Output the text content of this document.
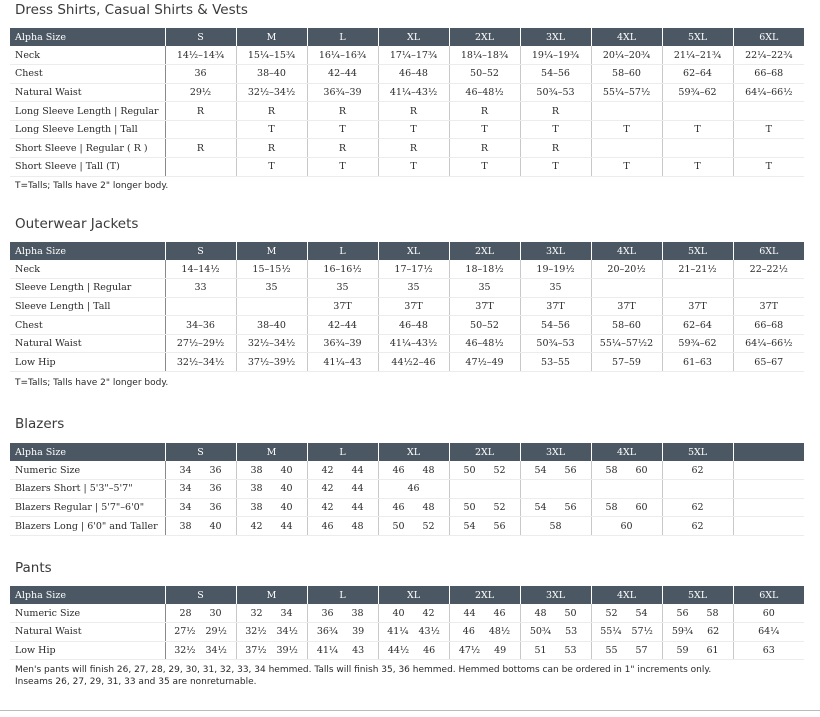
Dress Shirts, Casual Shirts & Vests
Alpha Size	S	M	L	XL	2XL	3XL	4XL	5XL	6XL
Neck	14½–14¾	15¼–15¾	16¼–16¾	17¼–17¾	18¼–18¾	19¼–19¾	20¼–20¾	21¼–21¾	22¼–22¾
Chest	36	38–40	42–44	46–48	50–52	54–56	58–60	62–64	66–68
Natural Waist	29½	32½–34½	36¾–39	41¼–43½	46–48½	50¾–53	55¼–57½	59¾–62	64¼–66½
Long Sleeve Length | Regular	R	R	R	R	R	R			
Long Sleeve Length | Tall		T	T	T	T	T	T	T	T
Short Sleeve | Regular ( R )	R	R	R	R	R	R			
Short Sleeve | Tall (T)		T	T	T	T	T	T	T	T
T=Talls; Talls have 2" longer body.
Outerwear Jackets
Alpha Size	S	M	L	XL	2XL	3XL	4XL	5XL	6XL
Neck	14–14½	15–15½	16–16½	17–17½	18–18½	19–19½	20–20½	21–21½	22–22½
Sleeve Length | Regular	33	35	35	35	35	35			
Sleeve Length | Tall			37T	37T	37T	37T	37T	37T	37T
Chest	34–36	38–40	42–44	46–48	50–52	54–56	58–60	62–64	66–68
Natural Waist	27½–29½	32½–34½	36¾–39	41¼–43½	46–48½	50¾–53	55¼–57½2	59¾–62	64¼–66½
Low Hip	32½–34½	37½–39½	41¼–43	44½2–46	47½–49	53–55	57–59	61–63	65–67
T=Talls; Talls have 2" longer body.
Blazers
Alpha Size	S	M	L	XL	2XL	3XL	4XL	5XL	
Numeric Size	34 36	38 40	42 44	46 48	50 52	54 56	58 60	62	

Blazers Short | 5'3"–5'7"	34 36	38 40	42 44	46					

Blazers Regular | 5'7"–6'0"	34 36	38 40	42 44	46 48	50 52	54 56	58 60	62	

Blazers Long | 6'0" and Taller	38 40	42 44	46 48	50 52	54 56	58	60	62	

Pants
Alpha Size	S	M	L	XL	2XL	3XL	4XL	5XL	6XL
Numeric Size	28 30	32 34	36 38	40 42	44 46	48 50	52 54	56 58	60

Natural Waist	27½ 29½	32½ 34½	36¾ 39	41¼ 43½	46 48½	50¾ 53	55¼ 57½	59¾ 62	64¼

Low Hip	32½ 34½	37½ 39½	41¼ 43	44½ 46	47½ 49	51 53	55 57	59 61	63
Men's pants will finish 26, 27, 28, 29, 30, 31, 32, 33, 34 hemmed. Talls will finish 35, 36 hemmed. Hemmed bottoms can be ordered in 1" increments only.
Inseams 26, 27, 29, 31, 33 and 35 are nonreturnable.
